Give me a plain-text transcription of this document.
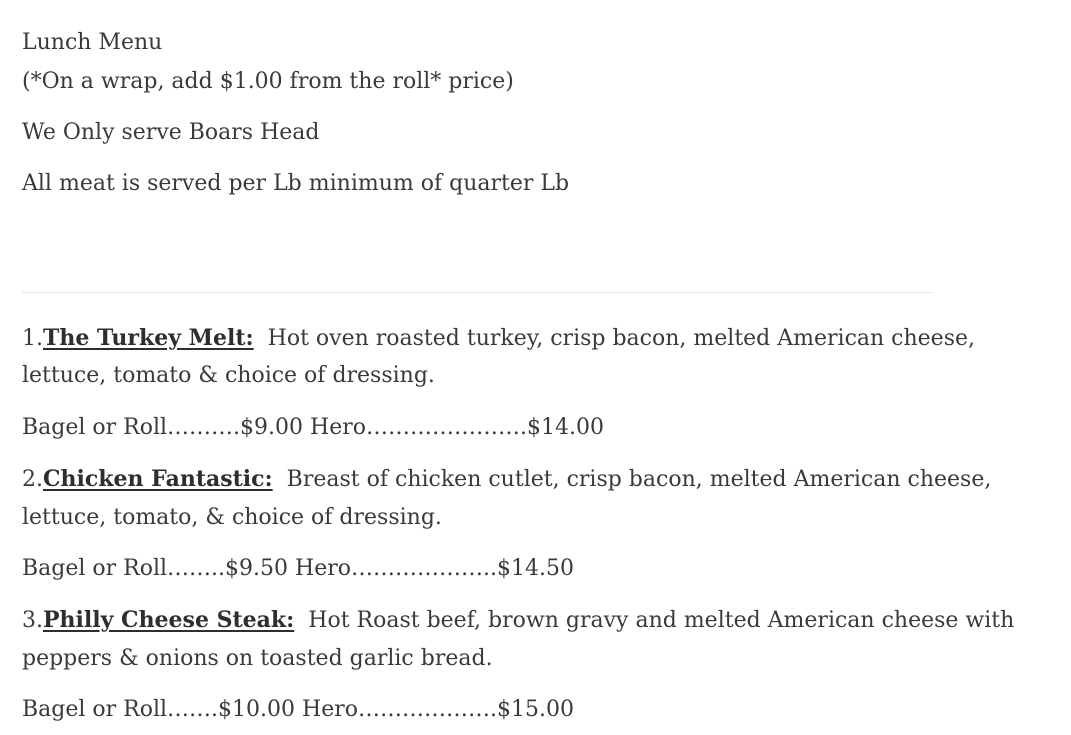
Lunch Menu
(*On a wrap, add $1.00 from the roll* price)
We Only serve Boars Head
All meat is served per Lb minimum of quarter Lb
1.The Turkey Melt: Hot oven roasted turkey, crisp bacon, melted American cheese,
lettuce, tomato & choice of dressing.
Bagel or Roll……….$9.00 Hero………………….$14.00
2.Chicken Fantastic: Breast of chicken cutlet, crisp bacon, melted American cheese,
lettuce, tomato, & choice of dressing.
Bagel or Roll……..$9.50 Hero………………..$14.50
3.Philly Cheese Steak: Hot Roast beef, brown gravy and melted American cheese with
peppers & onions on toasted garlic bread.
Bagel or Roll…….$10.00 Hero……………….$15.00
